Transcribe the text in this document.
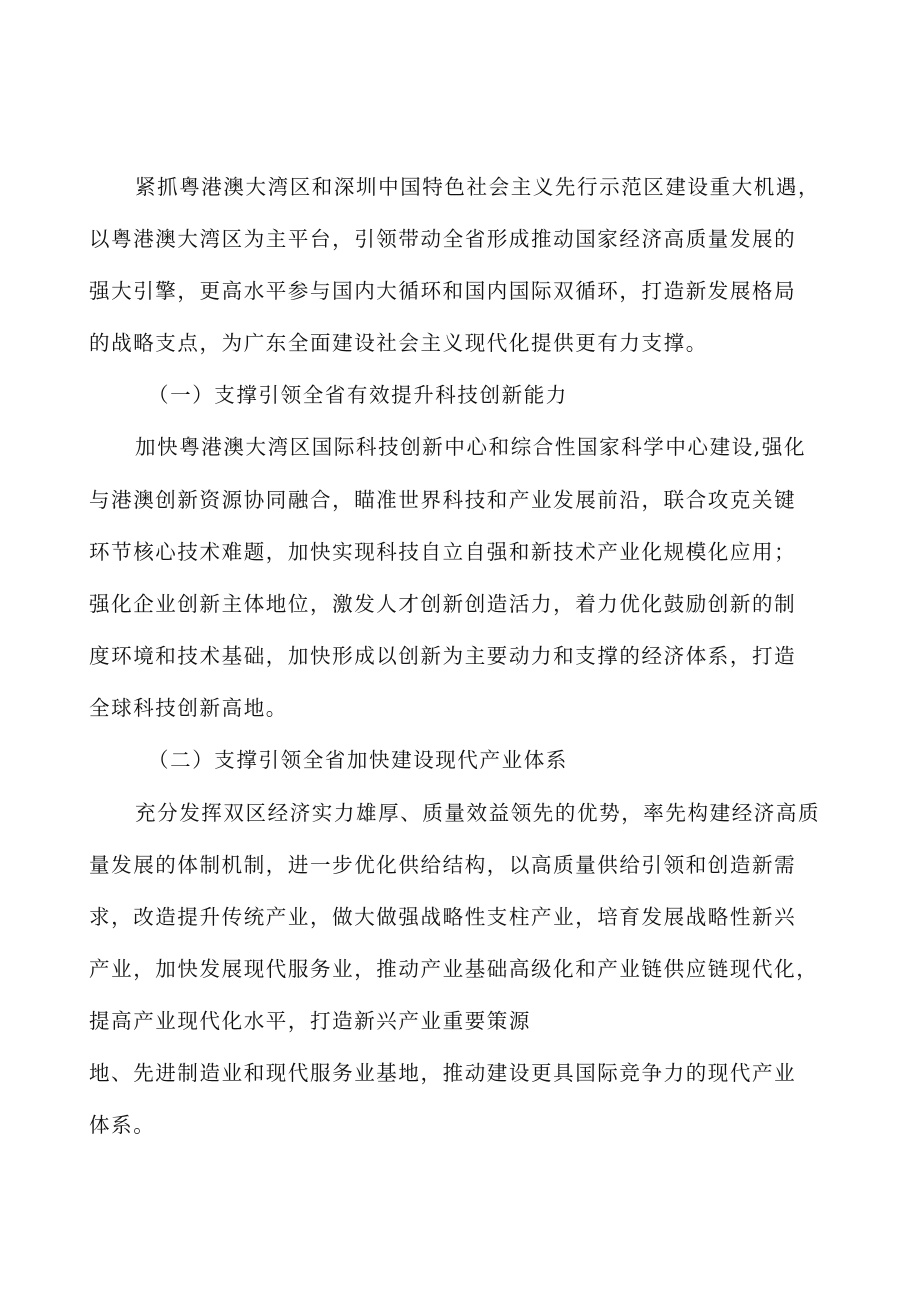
紧抓粤港澳大湾区和深圳中国特色社会主义先行示范区建设重大机遇，
以粤港澳大湾区为主平台，引领带动全省形成推动国家经济高质量发展的
强大引擎，更高水平参与国内大循环和国内国际双循环，打造新发展格局
的战略支点，为广东全面建设社会主义现代化提供更有力支撑。
（一）支撑引领全省有效提升科技创新能力
加快粤港澳大湾区国际科技创新中心和综合性国家科学中心建设,强化
与港澳创新资源协同融合，瞄准世界科技和产业发展前沿，联合攻克关键
环节核心技术难题，加快实现科技自立自强和新技术产业化规模化应用；
强化企业创新主体地位，激发人才创新创造活力，着力优化鼓励创新的制
度环境和技术基础，加快形成以创新为主要动力和支撑的经济体系，打造
全球科技创新高地。
（二）支撑引领全省加快建设现代产业体系
充分发挥双区经济实力雄厚、质量效益领先的优势，率先构建经济高质
量发展的体制机制，进一步优化供给结构，以高质量供给引领和创造新需
求，改造提升传统产业，做大做强战略性支柱产业，培育发展战略性新兴
产业，加快发展现代服务业，推动产业基础高级化和产业链供应链现代化，
提高产业现代化水平，打造新兴产业重要策源
地、先进制造业和现代服务业基地，推动建设更具国际竞争力的现代产业
体系。
